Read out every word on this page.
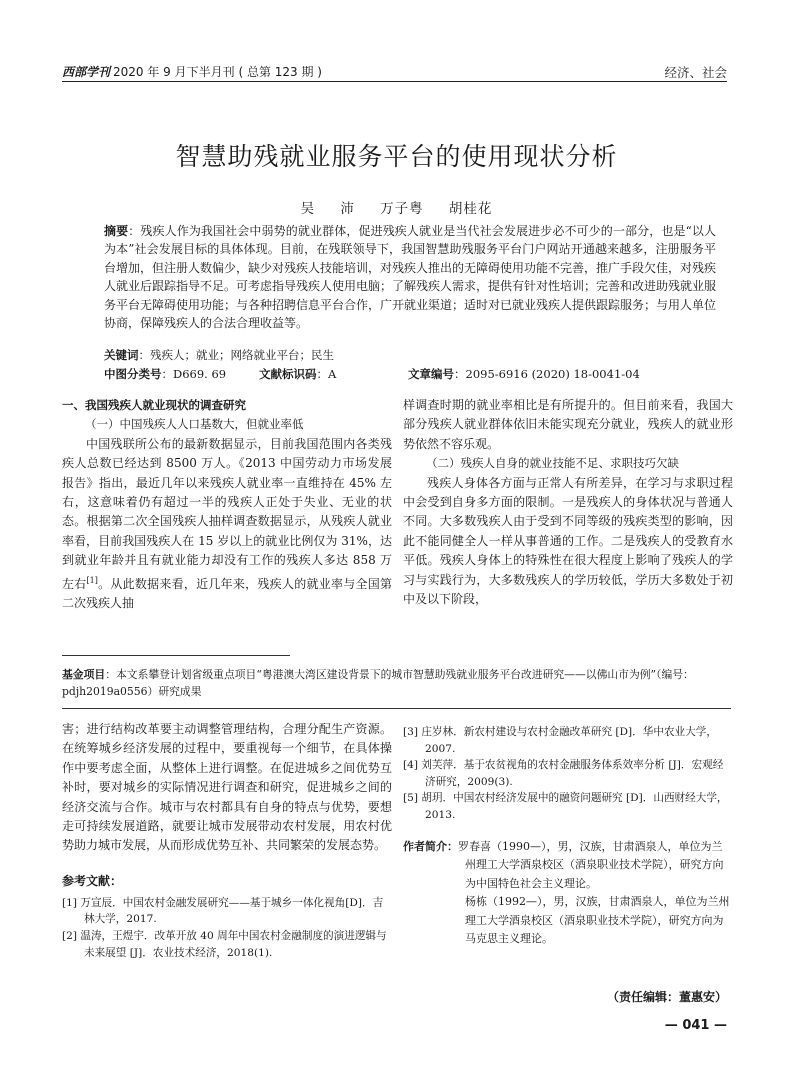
西部学刊 2020 年 9 月下半月刊 ( 总第 123 期 )	经济、社会
智慧助残就业服务平台的使用现状分析
吴 沛 万子粤 胡桂花
摘要：残疾人作为我国社会中弱势的就业群体，促进残疾人就业是当代社会发展进步必不可少的一部分，也是“以人为本”社会发展目标的具体体现。目前，在残联领导下，我国智慧助残服务平台门户网站开通越来越多，注册服务平台增加，但注册人数偏少，缺少对残疾人技能培训，对残疾人推出的无障碍使用功能不完善，推广手段欠佳，对残疾人就业后跟踪指导不足。可考虑指导残疾人使用电脑；了解残疾人需求，提供有针对性培训；完善和改进助残就业服务平台无障碍使用功能；与各种招聘信息平台合作，广开就业渠道；适时对已就业残疾人提供跟踪服务；与用人单位协商，保障残疾人的合法合理收益等。
关键词：残疾人；就业；网络就业平台；民生
中图分类号：D669. 69	文献标识码：A	文章编号：2095-6916 (2020) 18-0041-04
一、我国残疾人就业现状的调查研究
（一）中国残疾人人口基数大，但就业率低

中国残联所公布的最新数据显示，目前我国范围内各类残疾人总数已经达到 8500 万人。《2013 中国劳动力市场发展报告》指出，最近几年以来残疾人就业率一直维持在 45% 左右，这意味着仍有超过一半的残疾人正处于失业、无业的状态。根据第二次全国残疾人抽样调查数据显示，从残疾人就业率看，目前我国残疾人在 15 岁以上的就业比例仅为 31%，达到就业年龄并且有就业能力却没有工作的残疾人多达 858 万左右[1]。从此数据来看，近几年来，残疾人的就业率与全国第二次残疾人抽

样调查时期的就业率相比是有所提升的。但目前来看，我国大部分残疾人就业群体依旧未能实现充分就业，残疾人的就业形势依然不容乐观。
（二）残疾人自身的就业技能不足、求职技巧欠缺

残疾人身体各方面与正常人有所差异，在学习与求职过程中会受到自身多方面的限制。一是残疾人的身体状况与普通人不同。大多数残疾人由于受到不同等级的残疾类型的影响，因此不能同健全人一样从事普通的工作。二是残疾人的受教育水平低。残疾人身体上的特殊性在很大程度上影响了残疾人的学习与实践行为，大多数残疾人的学历较低，学历大多数处于初中及以下阶段，

基金项目：本文系攀登计划省级重点项目“粤港澳大湾区建设背景下的城市智慧助残就业服务平台改进研究——以佛山市为例”（编号：pdjh2019a0556）研究成果
害；进行结构改革要主动调整管理结构，合理分配生产资源。在统筹城乡经济发展的过程中，要重视每一个细节，在具体操作中要考虑全面，从整体上进行调整。在促进城乡之间优势互补时，要对城乡的实际情况进行调查和研究，促进城乡之间的经济交流与合作。城市与农村都具有自身的特点与优势，要想走可持续发展道路，就要让城市发展带动农村发展，用农村优势助力城市发展，从而形成优势互补、共同繁荣的发展态势。
参考文献：

[1] 万宣辰．中国农村金融发展研究——基于城乡一体化视角[D]．吉林大学，2017.

[2] 温涛，王煜宇．改革开放 40 周年中国农村金融制度的演进逻辑与未来展望 [J]．农业技术经济，2018(1).

[3] 庄岁林．新农村建设与农村金融改革研究 [D]．华中农业大学，2007.

[4] 刘芙萍．基于农贫视角的农村金融服务体系效率分析 [J]．宏观经济研究，2009(3).

[5] 胡玥．中国农村经济发展中的融资问题研究 [D]．山西财经大学，2013.

作者简介：罗春喜（1990—），男，汉族，甘肃酒泉人，单位为兰州理工大学酒泉校区（酒泉职业技术学院），研究方向为中国特色社会主义理论。
杨栋（1992—），男，汉族，甘肃酒泉人，单位为兰州理工大学酒泉校区（酒泉职业技术学院），研究方向为马克思主义理论。
（责任编辑：董惠安）
— 041 —
